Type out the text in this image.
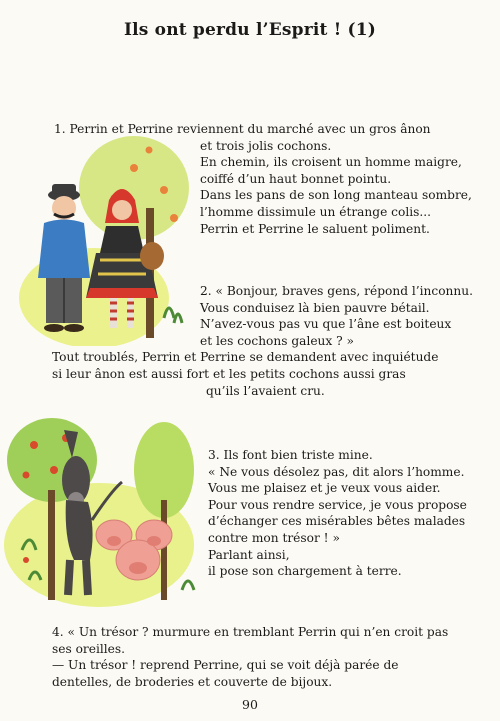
Ils ont perdu l’Esprit ! (1)
1. Perrin et Perrine reviennent du marché avec un gros ânon
et trois jolis cochons.
En chemin, ils croisent un homme maigre,
coiffé d’un haut bonnet pointu.
Dans les pans de son long manteau sombre,
l’homme dissimule un étrange colis...
Perrin et Perrine le saluent poliment.
2. « Bonjour, braves gens, répond l’inconnu.
Vous conduisez là bien pauvre bétail.
N’avez-vous pas vu que l’âne est boiteux
et les cochons galeux ? »
Tout troublés, Perrin et Perrine se demandent avec inquiétude
si leur ânon est aussi fort et les petits cochons aussi gras
qu’ils l’avaient cru.
3. Ils font bien triste mine.
« Ne vous désolez pas, dit alors l’homme.
Vous me plaisez et je veux vous aider.
Pour vous rendre service, je vous propose
d’échanger ces misérables bêtes malades
contre mon trésor ! »
Parlant ainsi,
il pose son chargement à terre.
4. « Un trésor ? murmure en tremblant Perrin qui n’en croit pas
ses oreilles.
— Un trésor ! reprend Perrine, qui se voit déjà parée de
dentelles, de broderies et couverte de bijoux.
90
